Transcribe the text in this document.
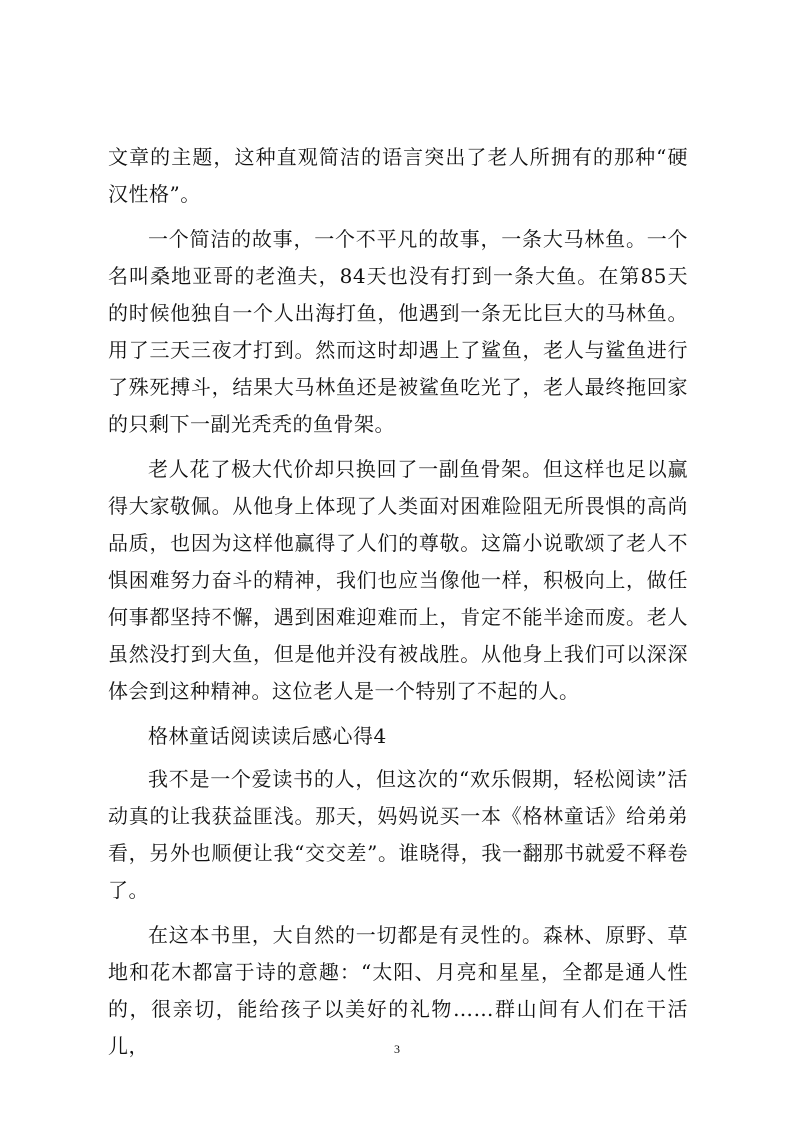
文章的主题，这种直观简洁的语言突出了老人所拥有的那种“硬汉性格”。

一个简洁的故事，一个不平凡的故事，一条大马林鱼。一个名叫桑地亚哥的老渔夫，84天也没有打到一条大鱼。在第85天的时候他独自一个人出海打鱼，他遇到一条无比巨大的马林鱼。用了三天三夜才打到。然而这时却遇上了鲨鱼，老人与鲨鱼进行了殊死搏斗，结果大马林鱼还是被鲨鱼吃光了，老人最终拖回家的只剩下一副光秃秃的鱼骨架。

老人花了极大代价却只换回了一副鱼骨架。但这样也足以赢得大家敬佩。从他身上体现了人类面对困难险阻无所畏惧的高尚品质，也因为这样他赢得了人们的尊敬。这篇小说歌颂了老人不惧困难努力奋斗的精神，我们也应当像他一样，积极向上，做任何事都坚持不懈，遇到困难迎难而上，肯定不能半途而废。老人虽然没打到大鱼，但是他并没有被战胜。从他身上我们可以深深体会到这种精神。这位老人是一个特别了不起的人。

格林童话阅读读后感心得4

我不是一个爱读书的人，但这次的“欢乐假期，轻松阅读”活动真的让我获益匪浅。那天，妈妈说买一本《格林童话》给弟弟看，另外也顺便让我“交交差”。谁晓得，我一翻那书就爱不释卷了。

在这本书里，大自然的一切都是有灵性的。森林、原野、草地和花木都富于诗的意趣：“太阳、月亮和星星，全都是通人性的，很亲切，能给孩子以美好的礼物……群山间有人们在干活儿，	3
